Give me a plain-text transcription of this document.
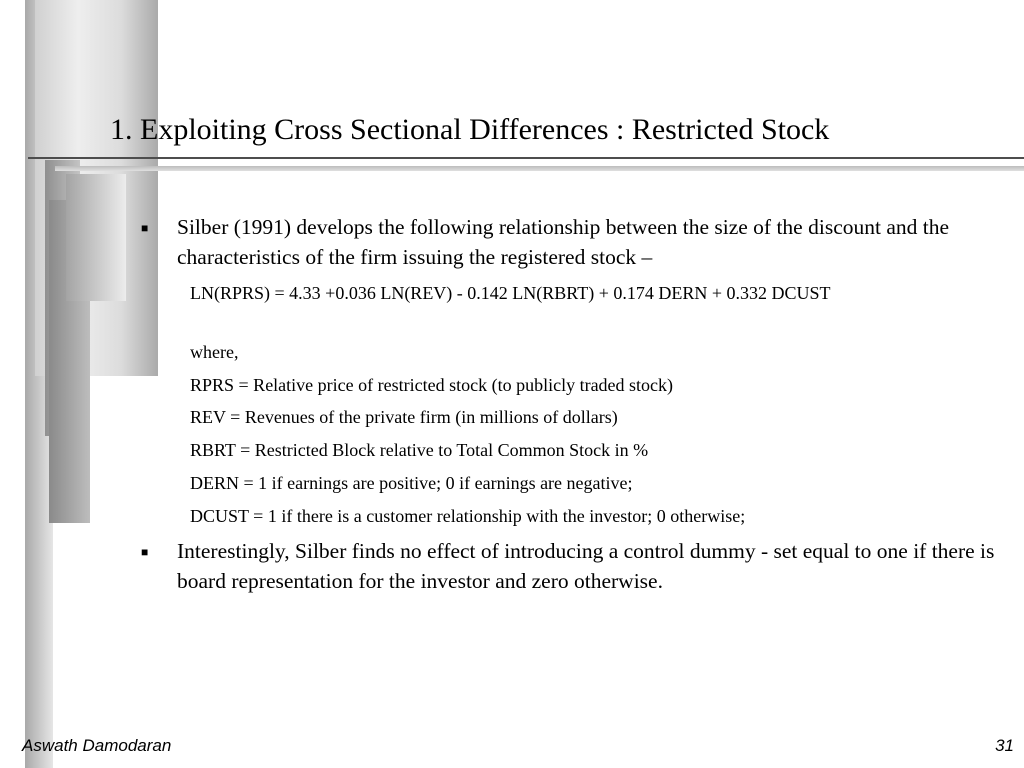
1. Exploiting Cross Sectional Differences : Restricted Stock
■ Silber (1991) develops the following relationship between the size of the discount and the characteristics of the firm issuing the registered stock –

LN(RPRS) = 4.33 +0.036 LN(REV) - 0.142 LN(RBRT) + 0.174 DERN + 0.332 DCUST

where,

RPRS = Relative price of restricted stock (to publicly traded stock)

REV = Revenues of the private firm (in millions of dollars)

RBRT = Restricted Block relative to Total Common Stock in %

DERN = 1 if earnings are positive; 0 if earnings are negative;

DCUST = 1 if there is a customer relationship with the investor; 0 otherwise;

■ Interestingly, Silber finds no effect of introducing a control dummy - set equal to one if there is board representation for the investor and zero otherwise.

Aswath Damodaran	31
